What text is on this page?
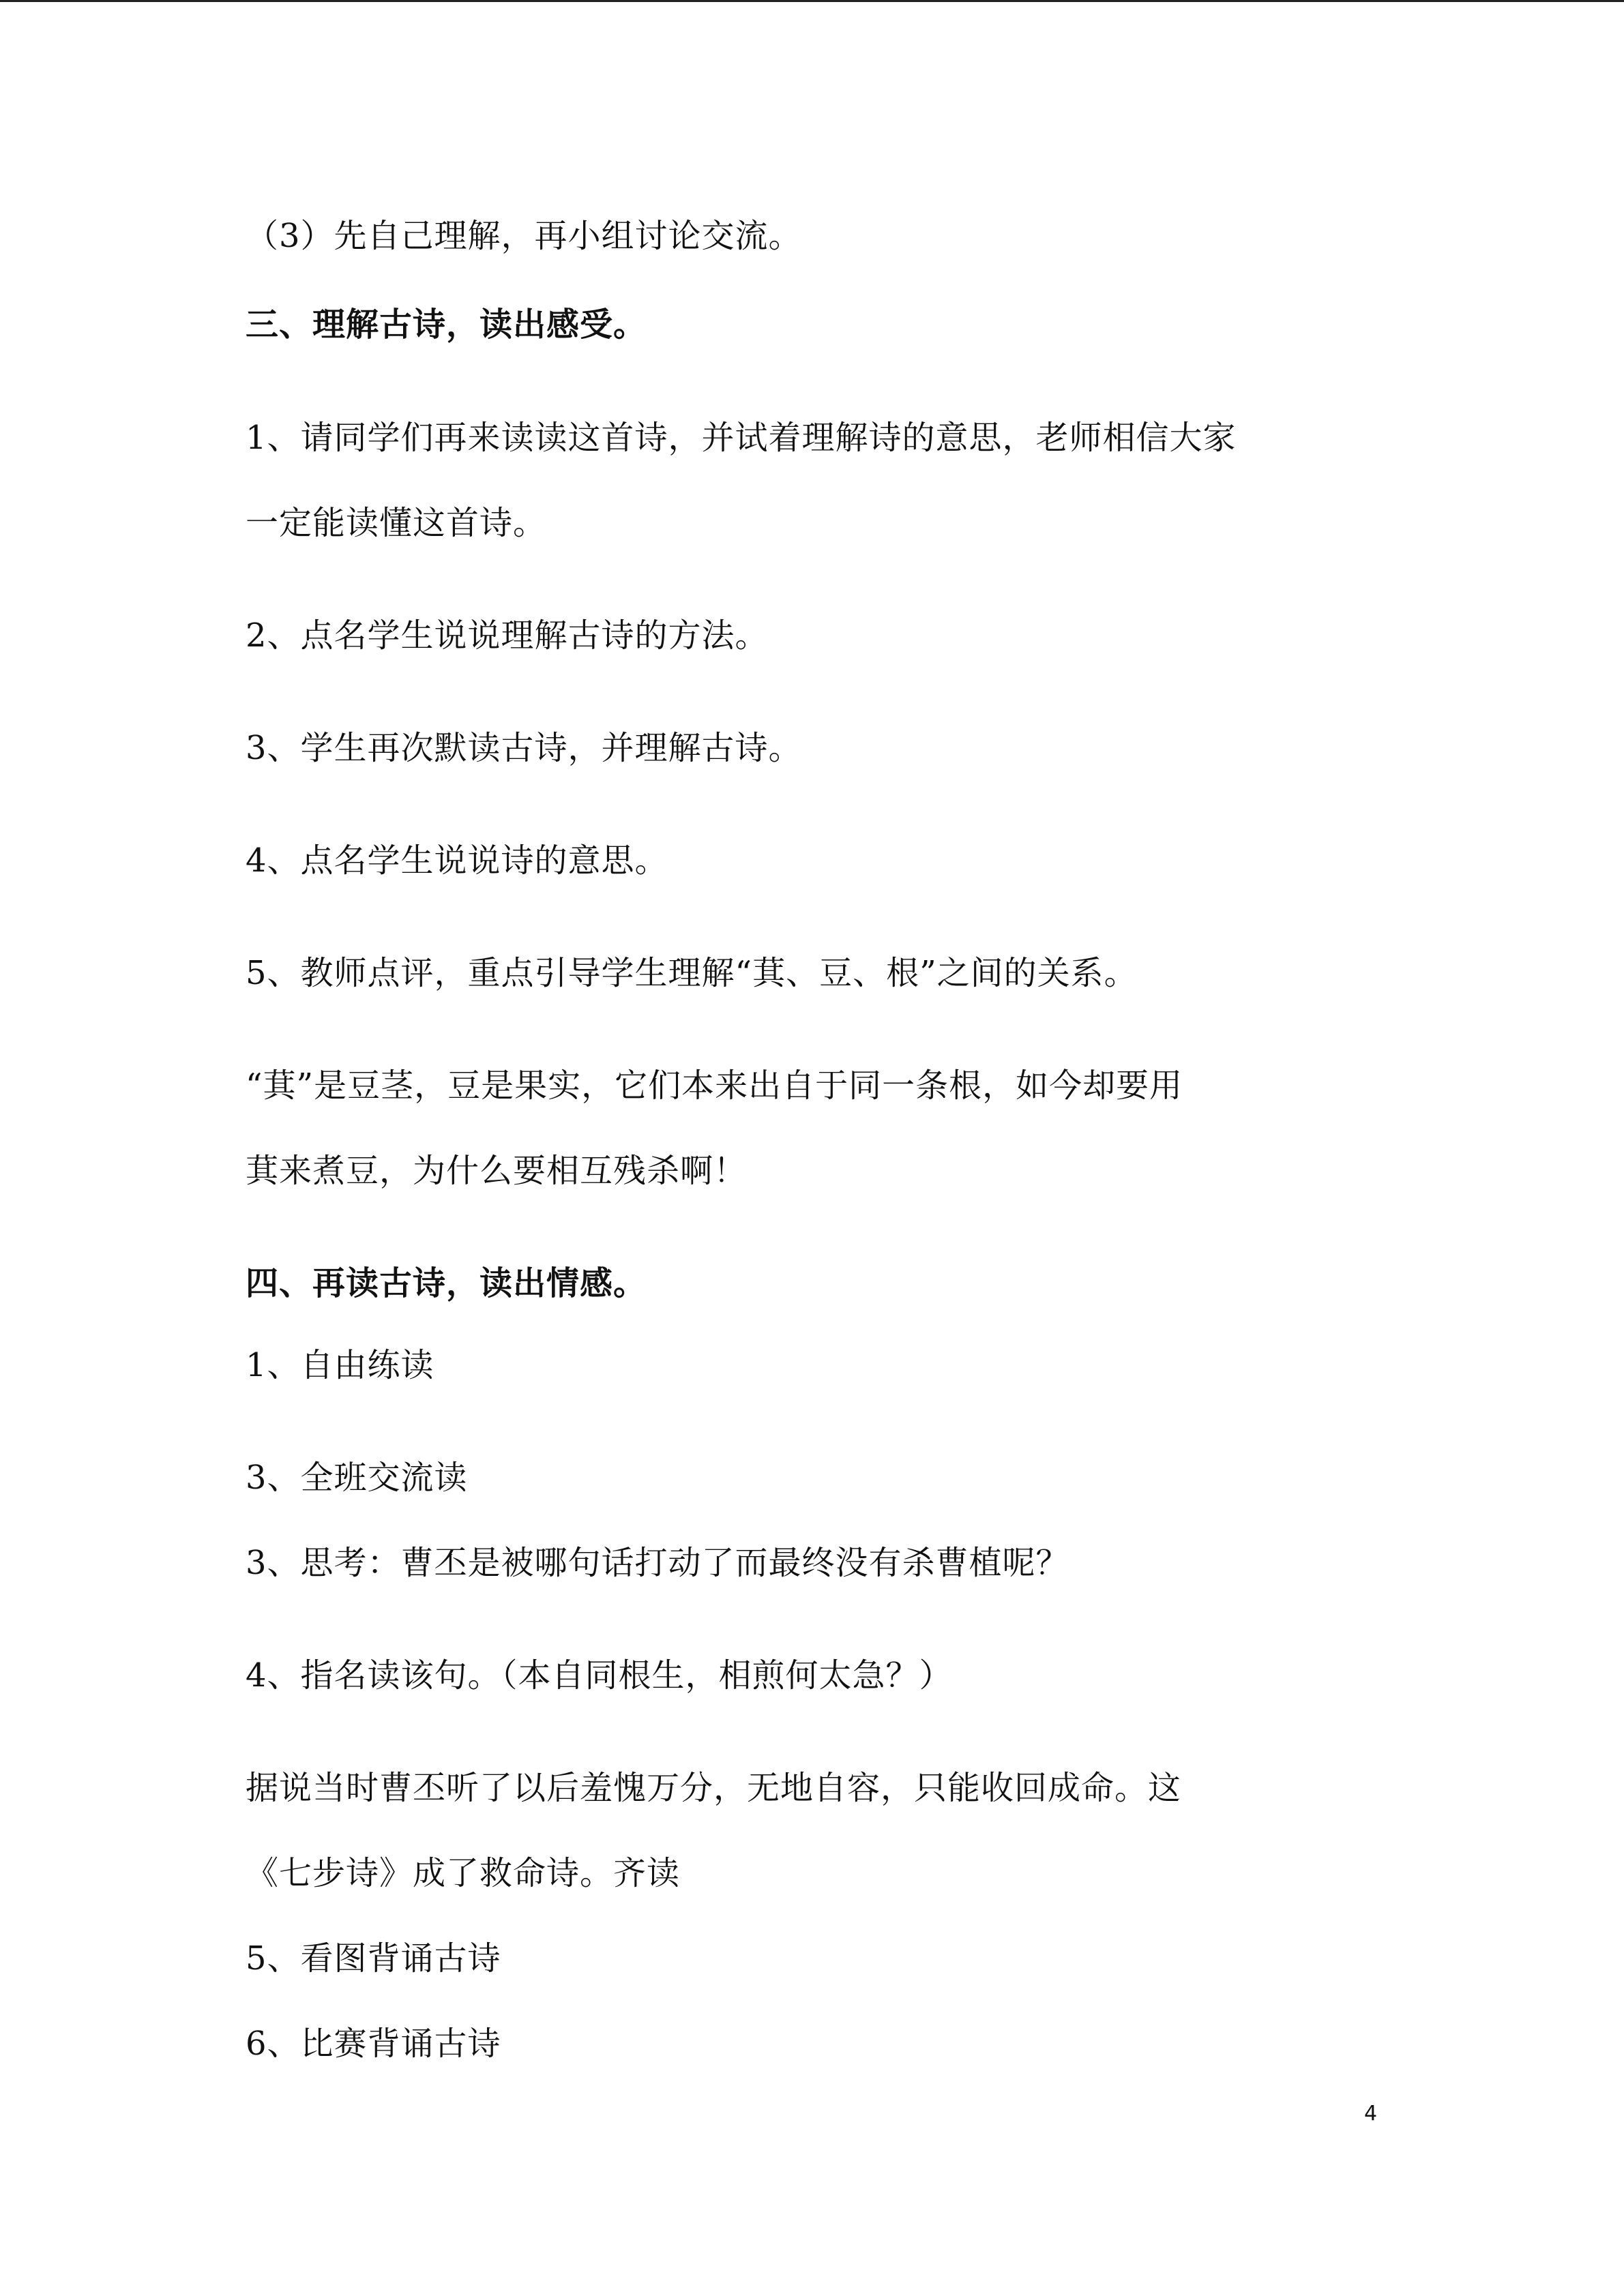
（3）先自己理解，再小组讨论交流。
三、理解古诗，读出感受。
1、请同学们再来读读这首诗，并试着理解诗的意思，老师相信大家
一定能读懂这首诗。
2、点名学生说说理解古诗的方法。
3、学生再次默读古诗，并理解古诗。
4、点名学生说说诗的意思。
5、教师点评，重点引导学生理解“萁、豆、根”之间的关系。
“萁”是豆茎，豆是果实，它们本来出自于同一条根，如今却要用
萁来煮豆，为什么要相互残杀啊！
四、再读古诗，读出情感。
1、自由练读
3、全班交流读
3、思考：曹丕是被哪句话打动了而最终没有杀曹植呢？
4、指名读该句。（本自同根生，相煎何太急？）
据说当时曹丕听了以后羞愧万分，无地自容，只能收回成命。这
《七步诗》成了救命诗。齐读
5、看图背诵古诗
6、比赛背诵古诗
4
